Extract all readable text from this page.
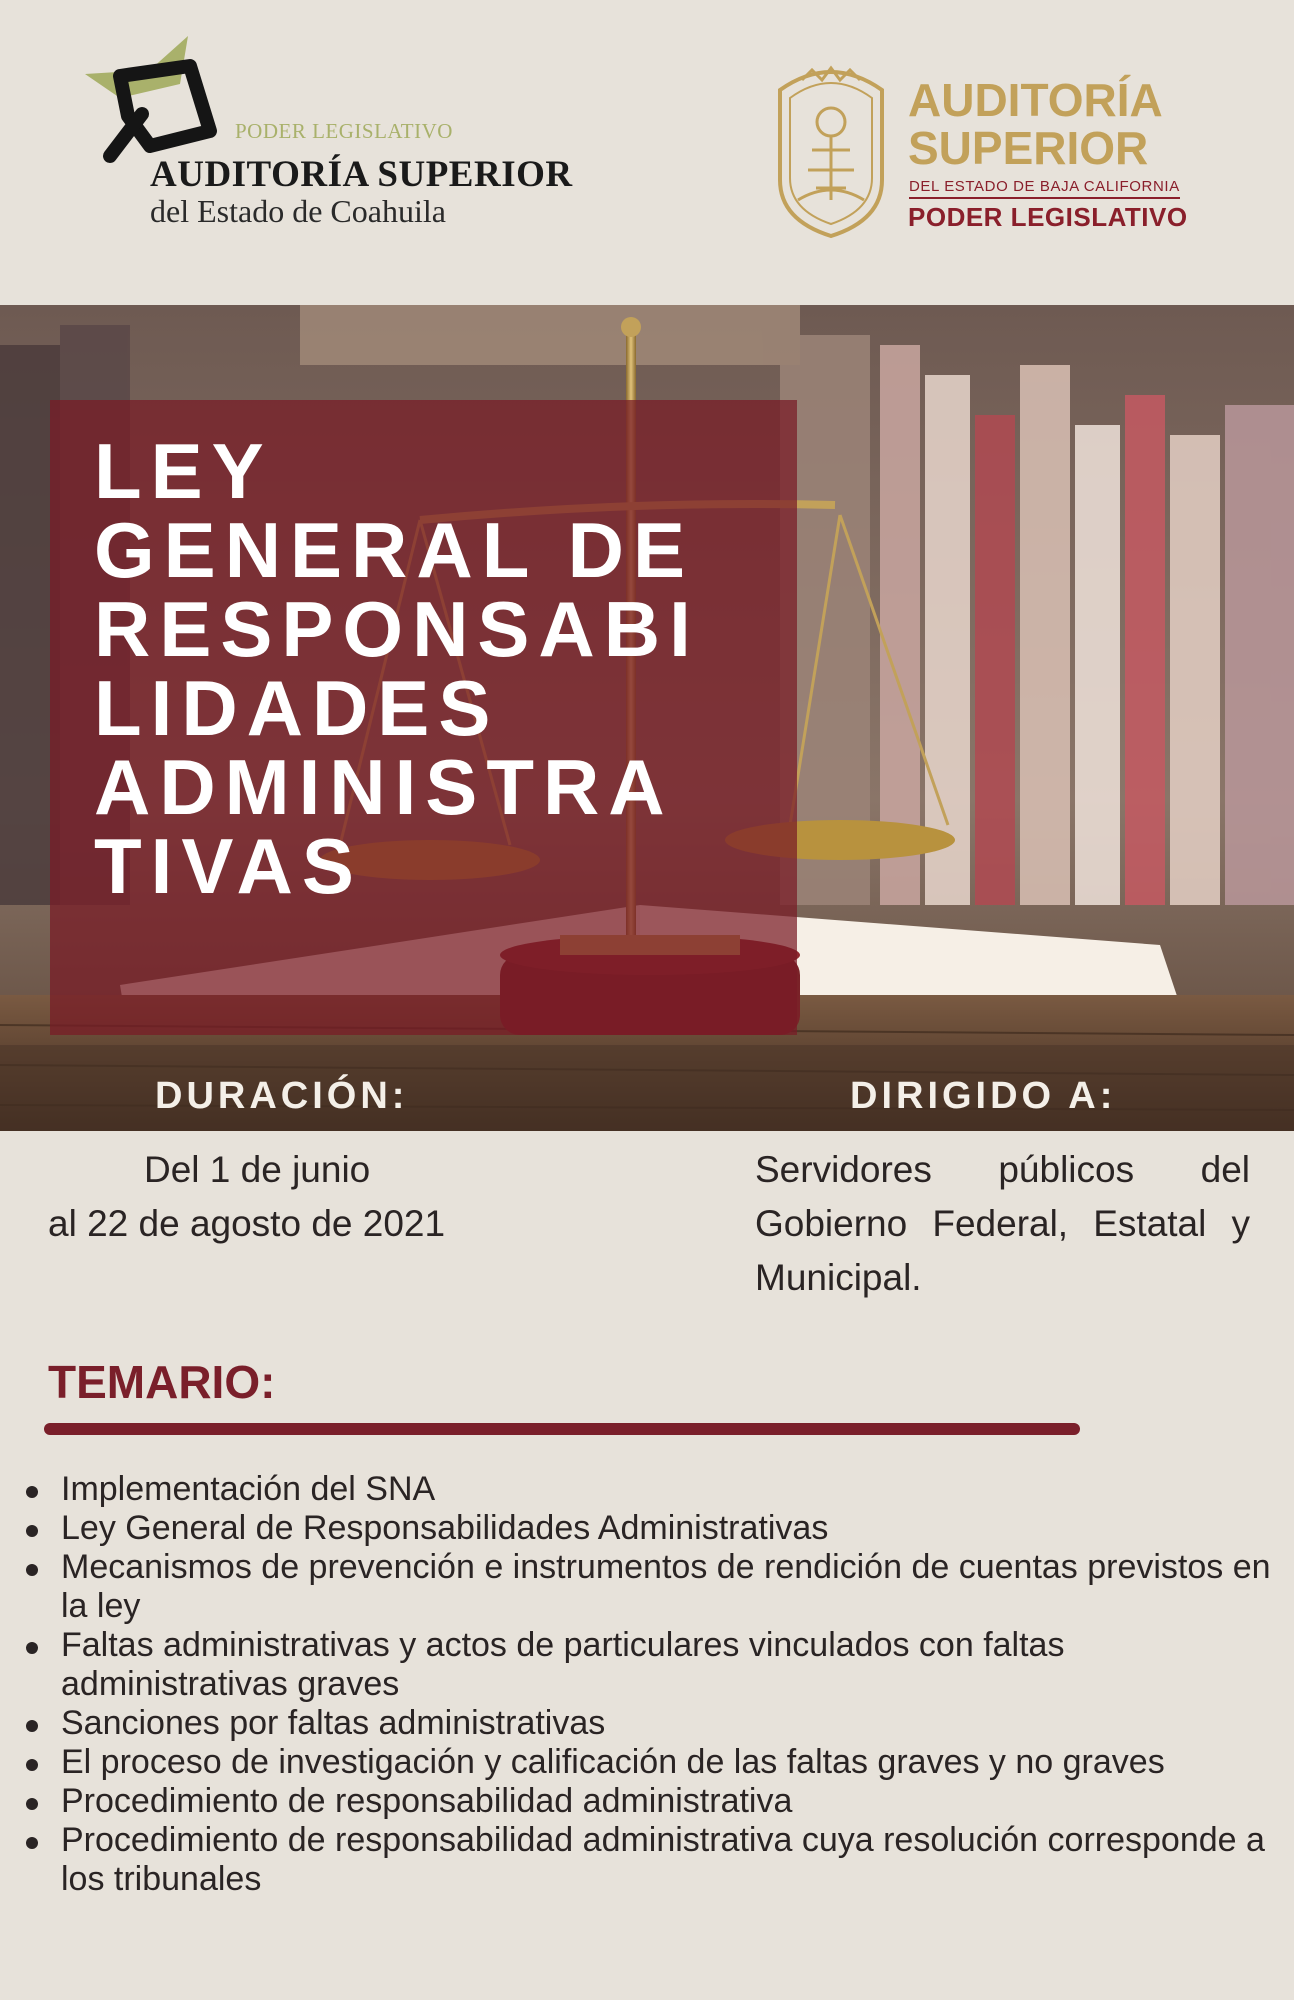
PODER LEGISLATIVO
AUDITORÍA SUPERIOR
del Estado de Coahuila
AUDITORÍA
SUPERIOR
DEL ESTADO DE BAJA CALIFORNIA
PODER LEGISLATIVO
LEY
GENERAL DE
RESPONSABI
LIDADES
ADMINISTRA
TIVAS
DURACIÓN:	DIRIGIDO A:
Del 1 de junio
al 22 de agosto de 2021
Servidores públicos del Gobierno Federal, Estatal y Municipal.
TEMARIO:
Implementación del SNA
Ley General de Responsabilidades Administrativas
Mecanismos de prevención e instrumentos de rendición de cuentas previstos en la ley
Faltas administrativas y actos de particulares vinculados con faltas administrativas graves
Sanciones por faltas administrativas
El proceso de investigación y calificación de las faltas graves y no graves
Procedimiento de responsabilidad administrativa
Procedimiento de responsabilidad administrativa cuya resolución corresponde a los tribunales
